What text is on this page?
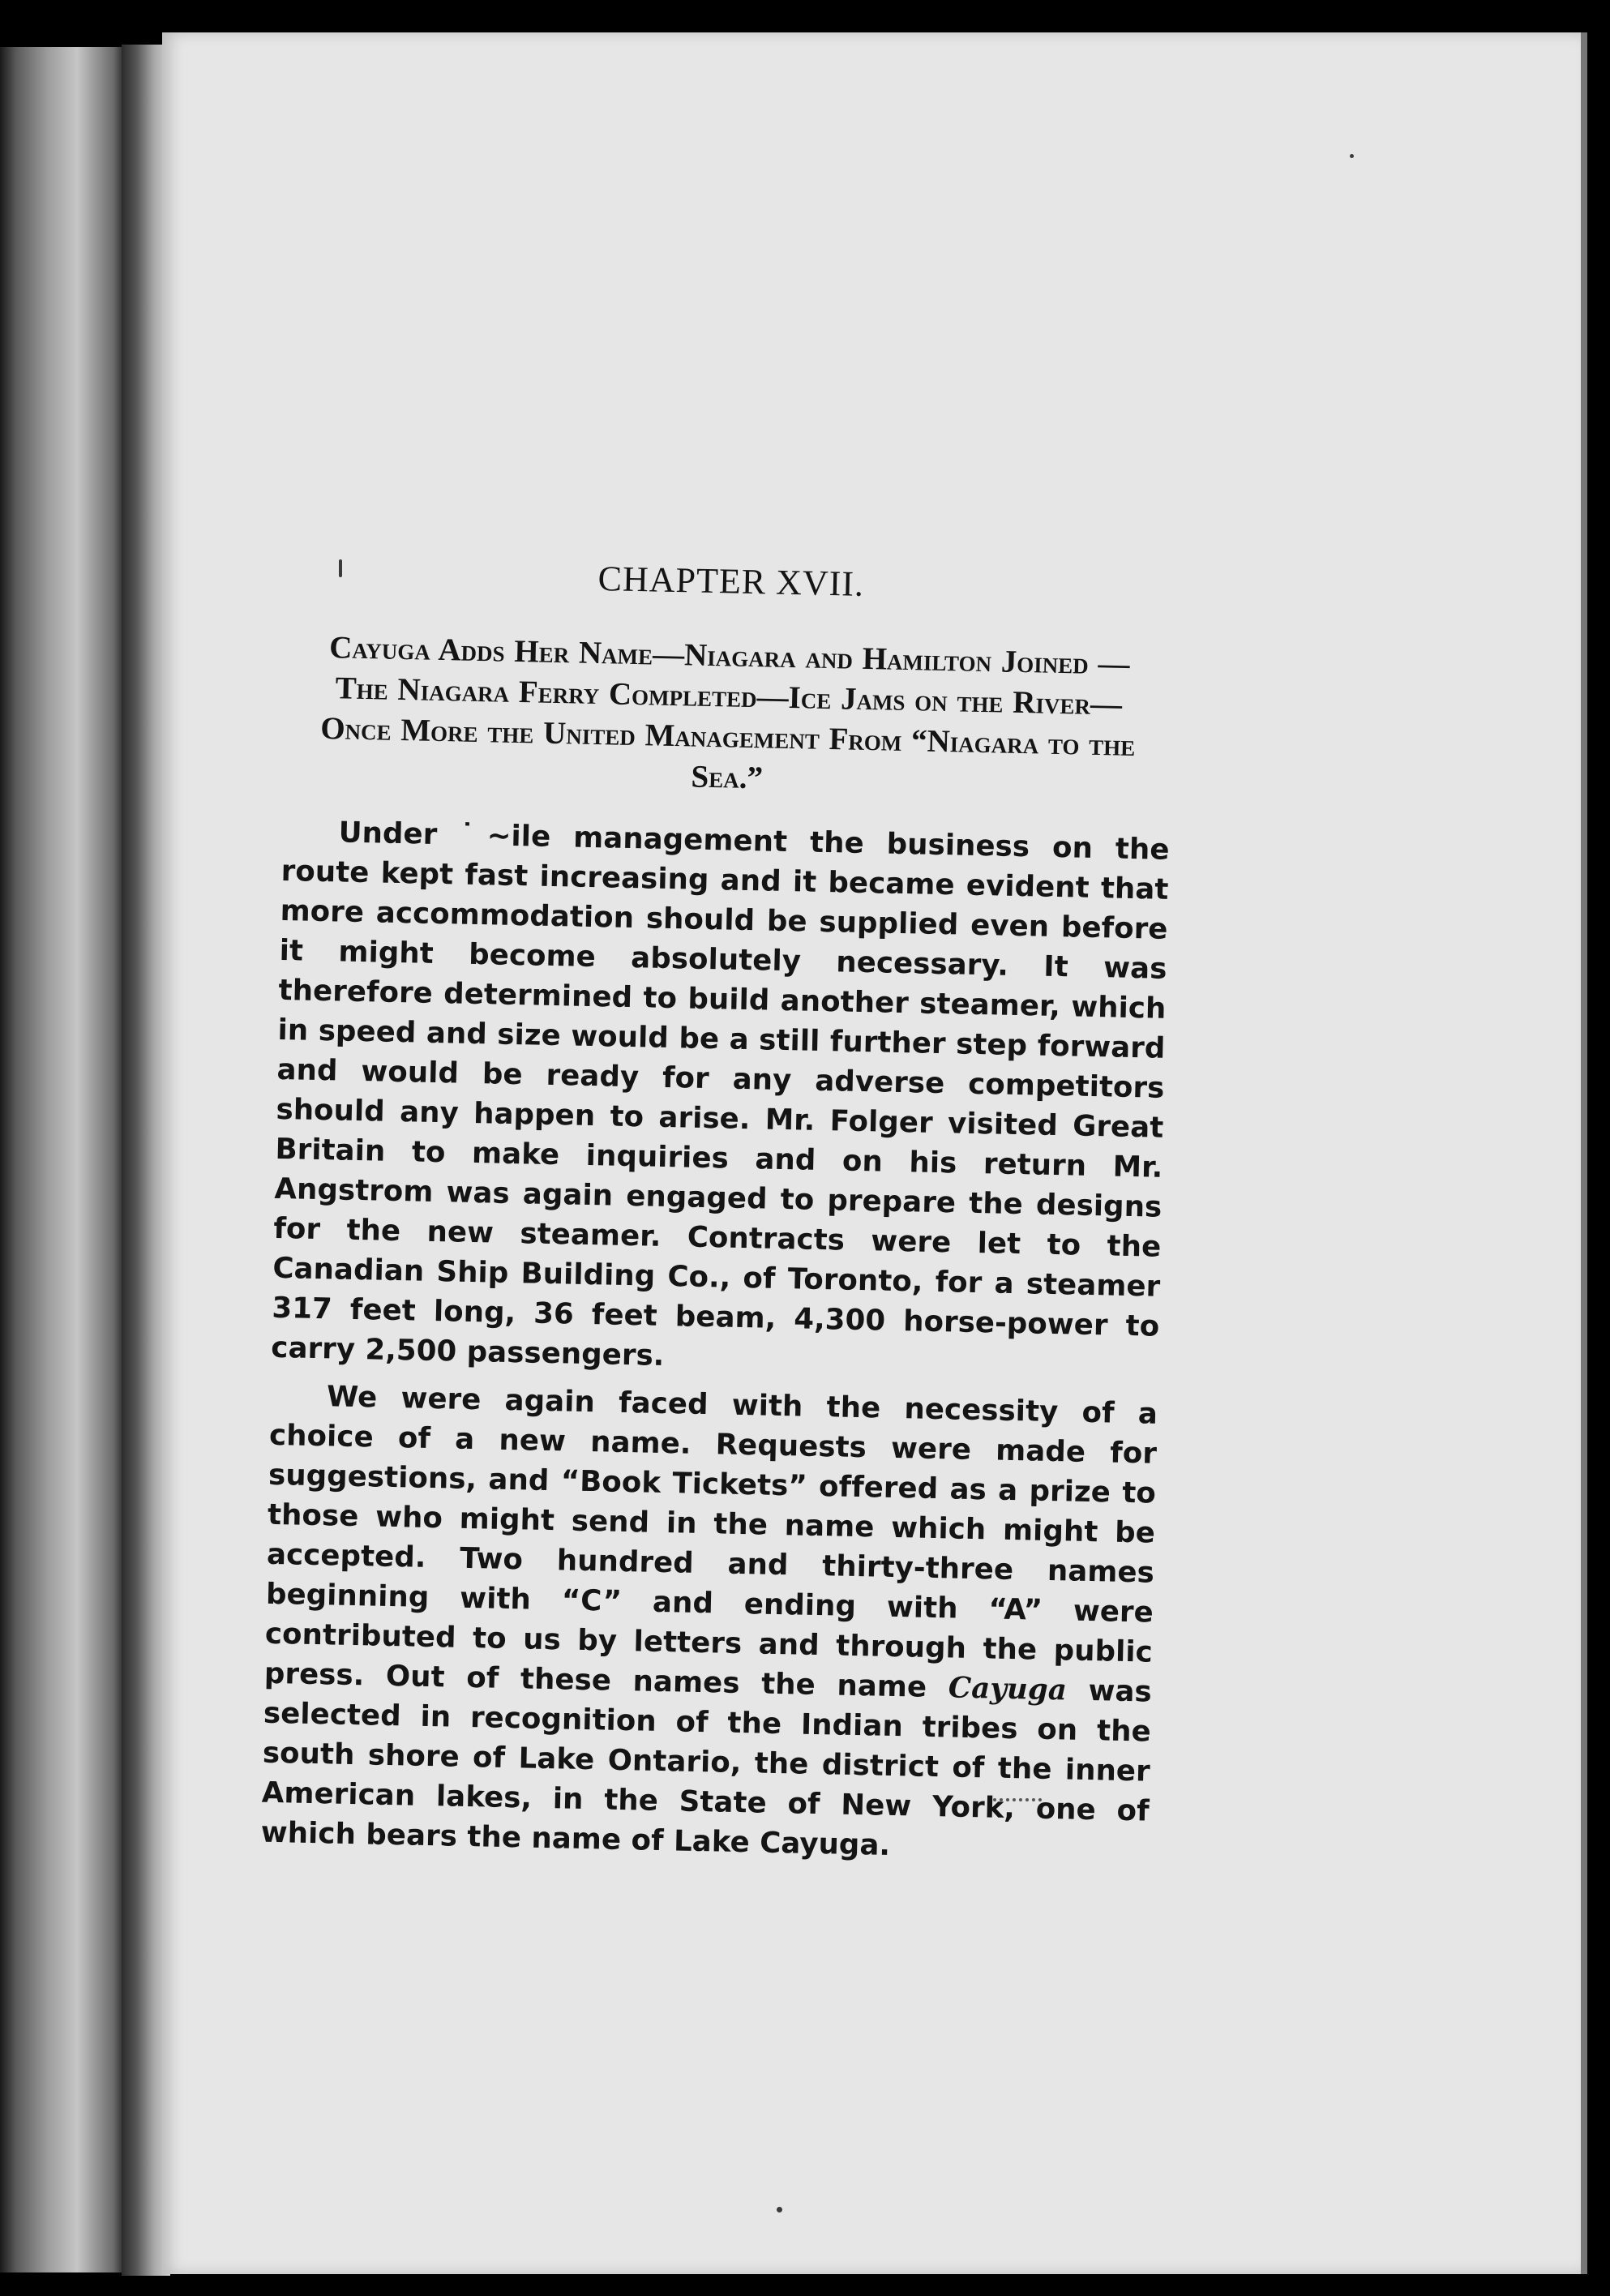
CHAPTER XVII.

Cayuga Adds Her Name—Niagara and Hamilton Joined —The Niagara Ferry Completed—Ice Jams on the River—Once More the United Management From “Niagara to the Sea.”

Under ˙~ile management the business on the route kept fast increasing and it became evident that more accommodation should be supplied even before it might become absolutely necessary. It was therefore determined to build another steamer, which in speed and size would be a still further step forward and would be ready for any adverse competitors should any happen to arise. Mr. Folger visited Great Britain to make inquiries and on his return Mr. Angstrom was again engaged to prepare the designs for the new steamer. Contracts were let to the Canadian Ship Building Co., of Toronto, for a steamer 317 feet long, 36 feet beam, 4,300 horse-power to carry 2,500 passengers.

We were again faced with the necessity of a choice of a new name. Requests were made for suggestions, and “Book Tickets” offered as a prize to those who might send in the name which might be accepted. Two hundred and thirty-three names beginning with “C” and ending with “A” were contributed to us by letters and through the public press. Out of these names the name Cayuga was selected in recognition of the Indian tribes on the south shore of Lake Ontario, the district of the inner American lakes, in the State of New York, one of which bears the name of Lake Cayuga.
